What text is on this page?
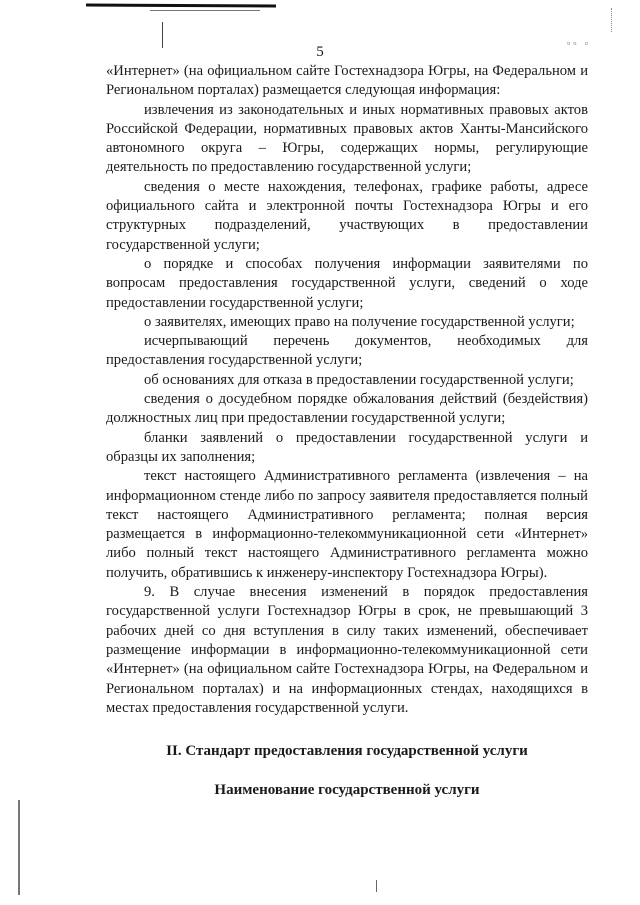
▫▫ ▫
5

«Интернет» (на официальном сайте Гостехнадзора Югры, на Федеральном и Региональном порталах) размещается следующая информация:

извлечения из законодательных и иных нормативных правовых актов Российской Федерации, нормативных правовых актов Ханты-Мансийского автономного округа – Югры, содержащих нормы, регулирующие деятельность по предоставлению государственной услуги;

сведения о месте нахождения, телефонах, графике работы, адресе официального сайта и электронной почты Гостехнадзора Югры и его структурных подразделений, участвующих в предоставлении государственной услуги;

о порядке и способах получения информации заявителями по вопросам предоставления государственной услуги, сведений о ходе предоставлении государственной услуги;

о заявителях, имеющих право на получение государственной услуги;

исчерпывающий перечень документов, необходимых для предоставления государственной услуги;

об основаниях для отказа в предоставлении государственной услуги;

сведения о досудебном порядке обжалования действий (бездействия) должностных лиц при предоставлении государственной услуги;

бланки заявлений о предоставлении государственной услуги и образцы их заполнения;

текст настоящего Административного регламента (извлечения – на информационном стенде либо по запросу заявителя предоставляется полный текст настоящего Административного регламента; полная версия размещается в информационно-телекоммуникационной сети «Интернет» либо полный текст настоящего Административного регламента можно получить, обратившись к инженеру-инспектору Гостехнадзора Югры).

9. В случае внесения изменений в порядок предоставления государственной услуги Гостехнадзор Югры в срок, не превышающий 3 рабочих дней со дня вступления в силу таких изменений, обеспечивает размещение информации в информационно-телекоммуникационной сети «Интернет» (на официальном сайте Гостехнадзора Югры, на Федеральном и Региональном порталах) и на информационных стендах, находящихся в местах предоставления государственной услуги.

II. Стандарт предоставления государственной услуги

Наименование государственной услуги
